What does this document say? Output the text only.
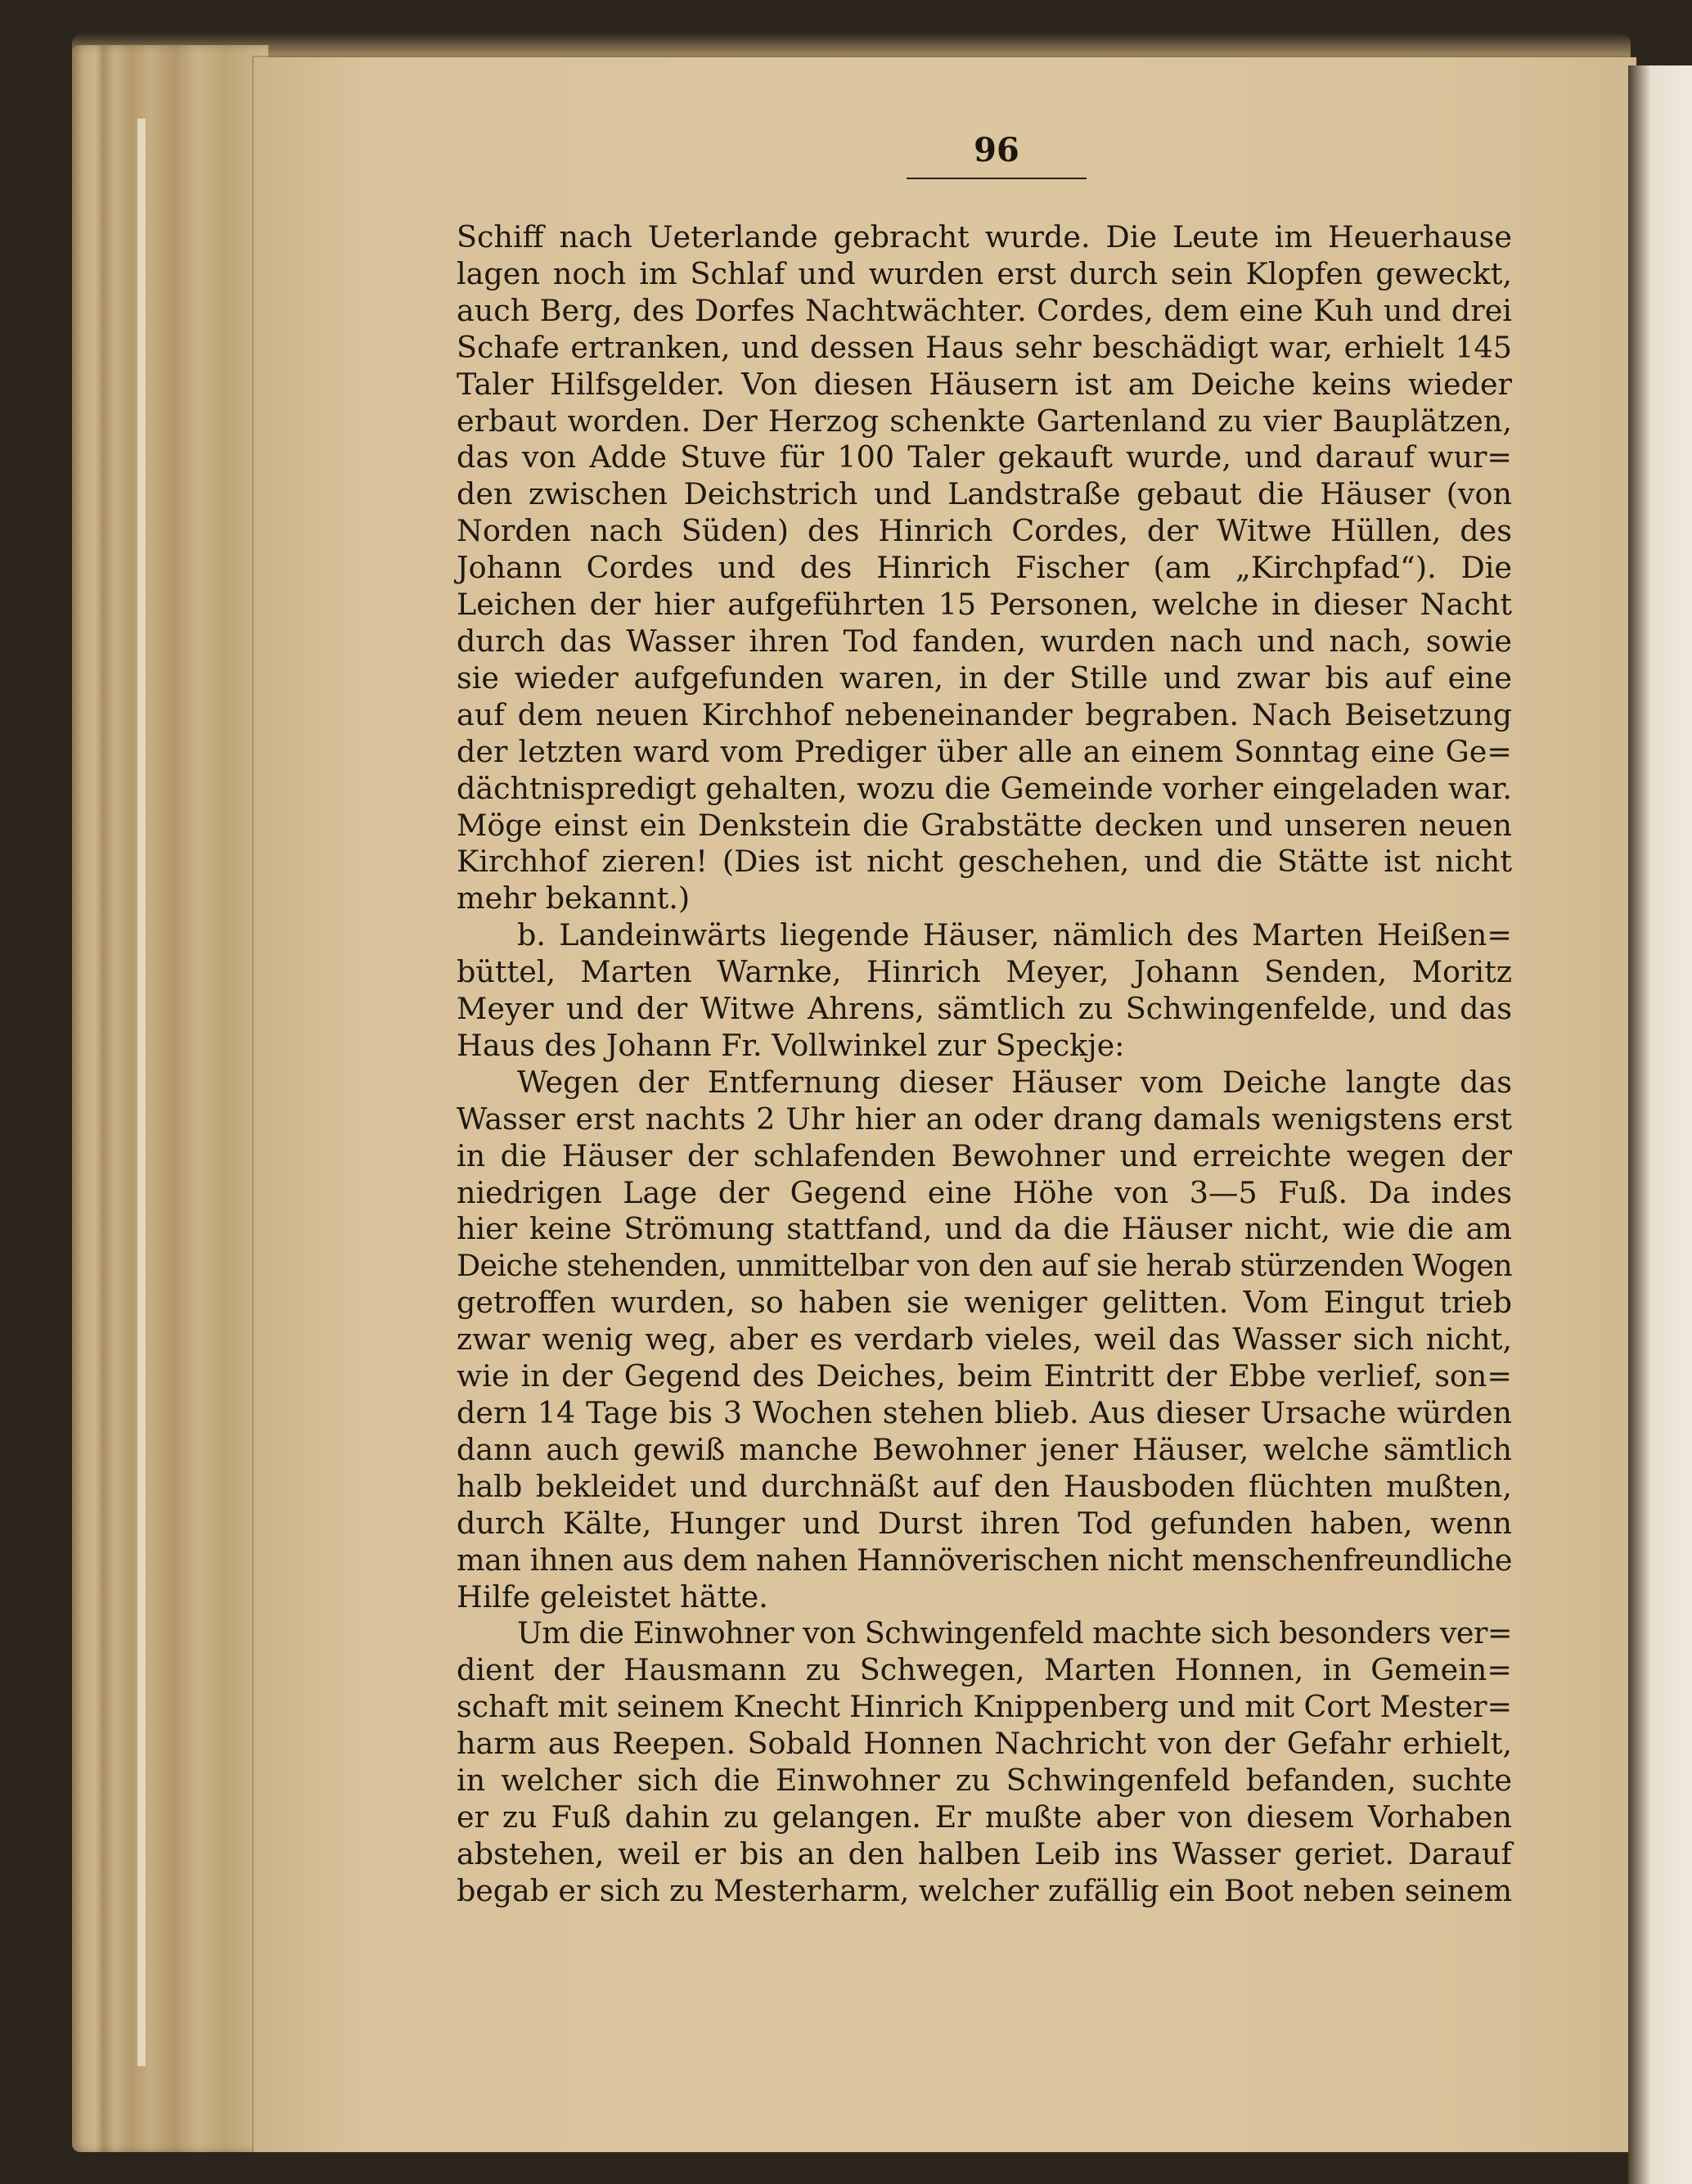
96
Schiff nach Ueterlande gebracht wurde. Die Leute im Heuerhause
lagen noch im Schlaf und wurden erst durch sein Klopfen geweckt,
auch Berg, des Dorfes Nachtwächter. Cordes, dem eine Kuh und drei
Schafe ertranken, und dessen Haus sehr beschädigt war, erhielt 145
Taler Hilfsgelder. Von diesen Häusern ist am Deiche keins wieder
erbaut worden. Der Herzog schenkte Gartenland zu vier Bauplätzen,
das von Adde Stuve für 100 Taler gekauft wurde, und darauf wur=
den zwischen Deichstrich und Landstraße gebaut die Häuser (von
Norden nach Süden) des Hinrich Cordes, der Witwe Hüllen, des
Johann Cordes und des Hinrich Fischer (am „Kirchpfad“). Die
Leichen der hier aufgeführten 15 Personen, welche in dieser Nacht
durch das Wasser ihren Tod fanden, wurden nach und nach, sowie
sie wieder aufgefunden waren, in der Stille und zwar bis auf eine
auf dem neuen Kirchhof nebeneinander begraben. Nach Beisetzung
der letzten ward vom Prediger über alle an einem Sonntag eine Ge=
dächtnispredigt gehalten, wozu die Gemeinde vorher eingeladen war.
Möge einst ein Denkstein die Grabstätte decken und unseren neuen
Kirchhof zieren! (Dies ist nicht geschehen, und die Stätte ist nicht
mehr bekannt.)
b. Landeinwärts liegende Häuser, nämlich des Marten Heißen=
büttel, Marten Warnke, Hinrich Meyer, Johann Senden, Moritz
Meyer und der Witwe Ahrens, sämtlich zu Schwingenfelde, und das
Haus des Johann Fr. Vollwinkel zur Speckje:
Wegen der Entfernung dieser Häuser vom Deiche langte das
Wasser erst nachts 2 Uhr hier an oder drang damals wenigstens erst
in die Häuser der schlafenden Bewohner und erreichte wegen der
niedrigen Lage der Gegend eine Höhe von 3—5 Fuß. Da indes
hier keine Strömung stattfand, und da die Häuser nicht, wie die am
Deiche stehenden, unmittelbar von den auf sie herab stürzenden Wogen
getroffen wurden, so haben sie weniger gelitten. Vom Eingut trieb
zwar wenig weg, aber es verdarb vieles, weil das Wasser sich nicht,
wie in der Gegend des Deiches, beim Eintritt der Ebbe verlief, son=
dern 14 Tage bis 3 Wochen stehen blieb. Aus dieser Ursache würden
dann auch gewiß manche Bewohner jener Häuser, welche sämtlich
halb bekleidet und durchnäßt auf den Hausboden flüchten mußten,
durch Kälte, Hunger und Durst ihren Tod gefunden haben, wenn
man ihnen aus dem nahen Hannöverischen nicht menschenfreundliche
Hilfe geleistet hätte.
Um die Einwohner von Schwingenfeld machte sich besonders ver=
dient der Hausmann zu Schwegen, Marten Honnen, in Gemein=
schaft mit seinem Knecht Hinrich Knippenberg und mit Cort Mester=
harm aus Reepen. Sobald Honnen Nachricht von der Gefahr erhielt,
in welcher sich die Einwohner zu Schwingenfeld befanden, suchte
er zu Fuß dahin zu gelangen. Er mußte aber von diesem Vorhaben
abstehen, weil er bis an den halben Leib ins Wasser geriet. Darauf
begab er sich zu Mesterharm, welcher zufällig ein Boot neben seinem
